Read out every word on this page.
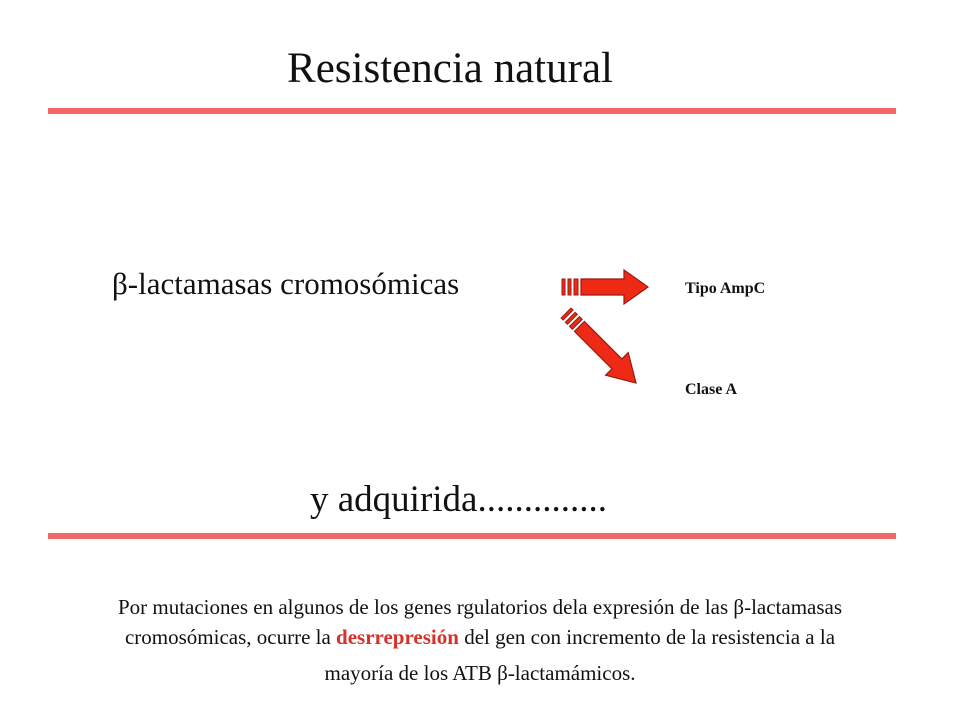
Resistencia natural
β-lactamasas cromosómicas	Tipo AmpC
Clase A
y adquirida..............
Por mutaciones en algunos de los genes rgulatorios dela expresión de las β-lactamasas
cromosómicas, ocurre la desrrepresión del gen con incremento de la resistencia a la
mayoría de los ATB β-lactamámicos.
